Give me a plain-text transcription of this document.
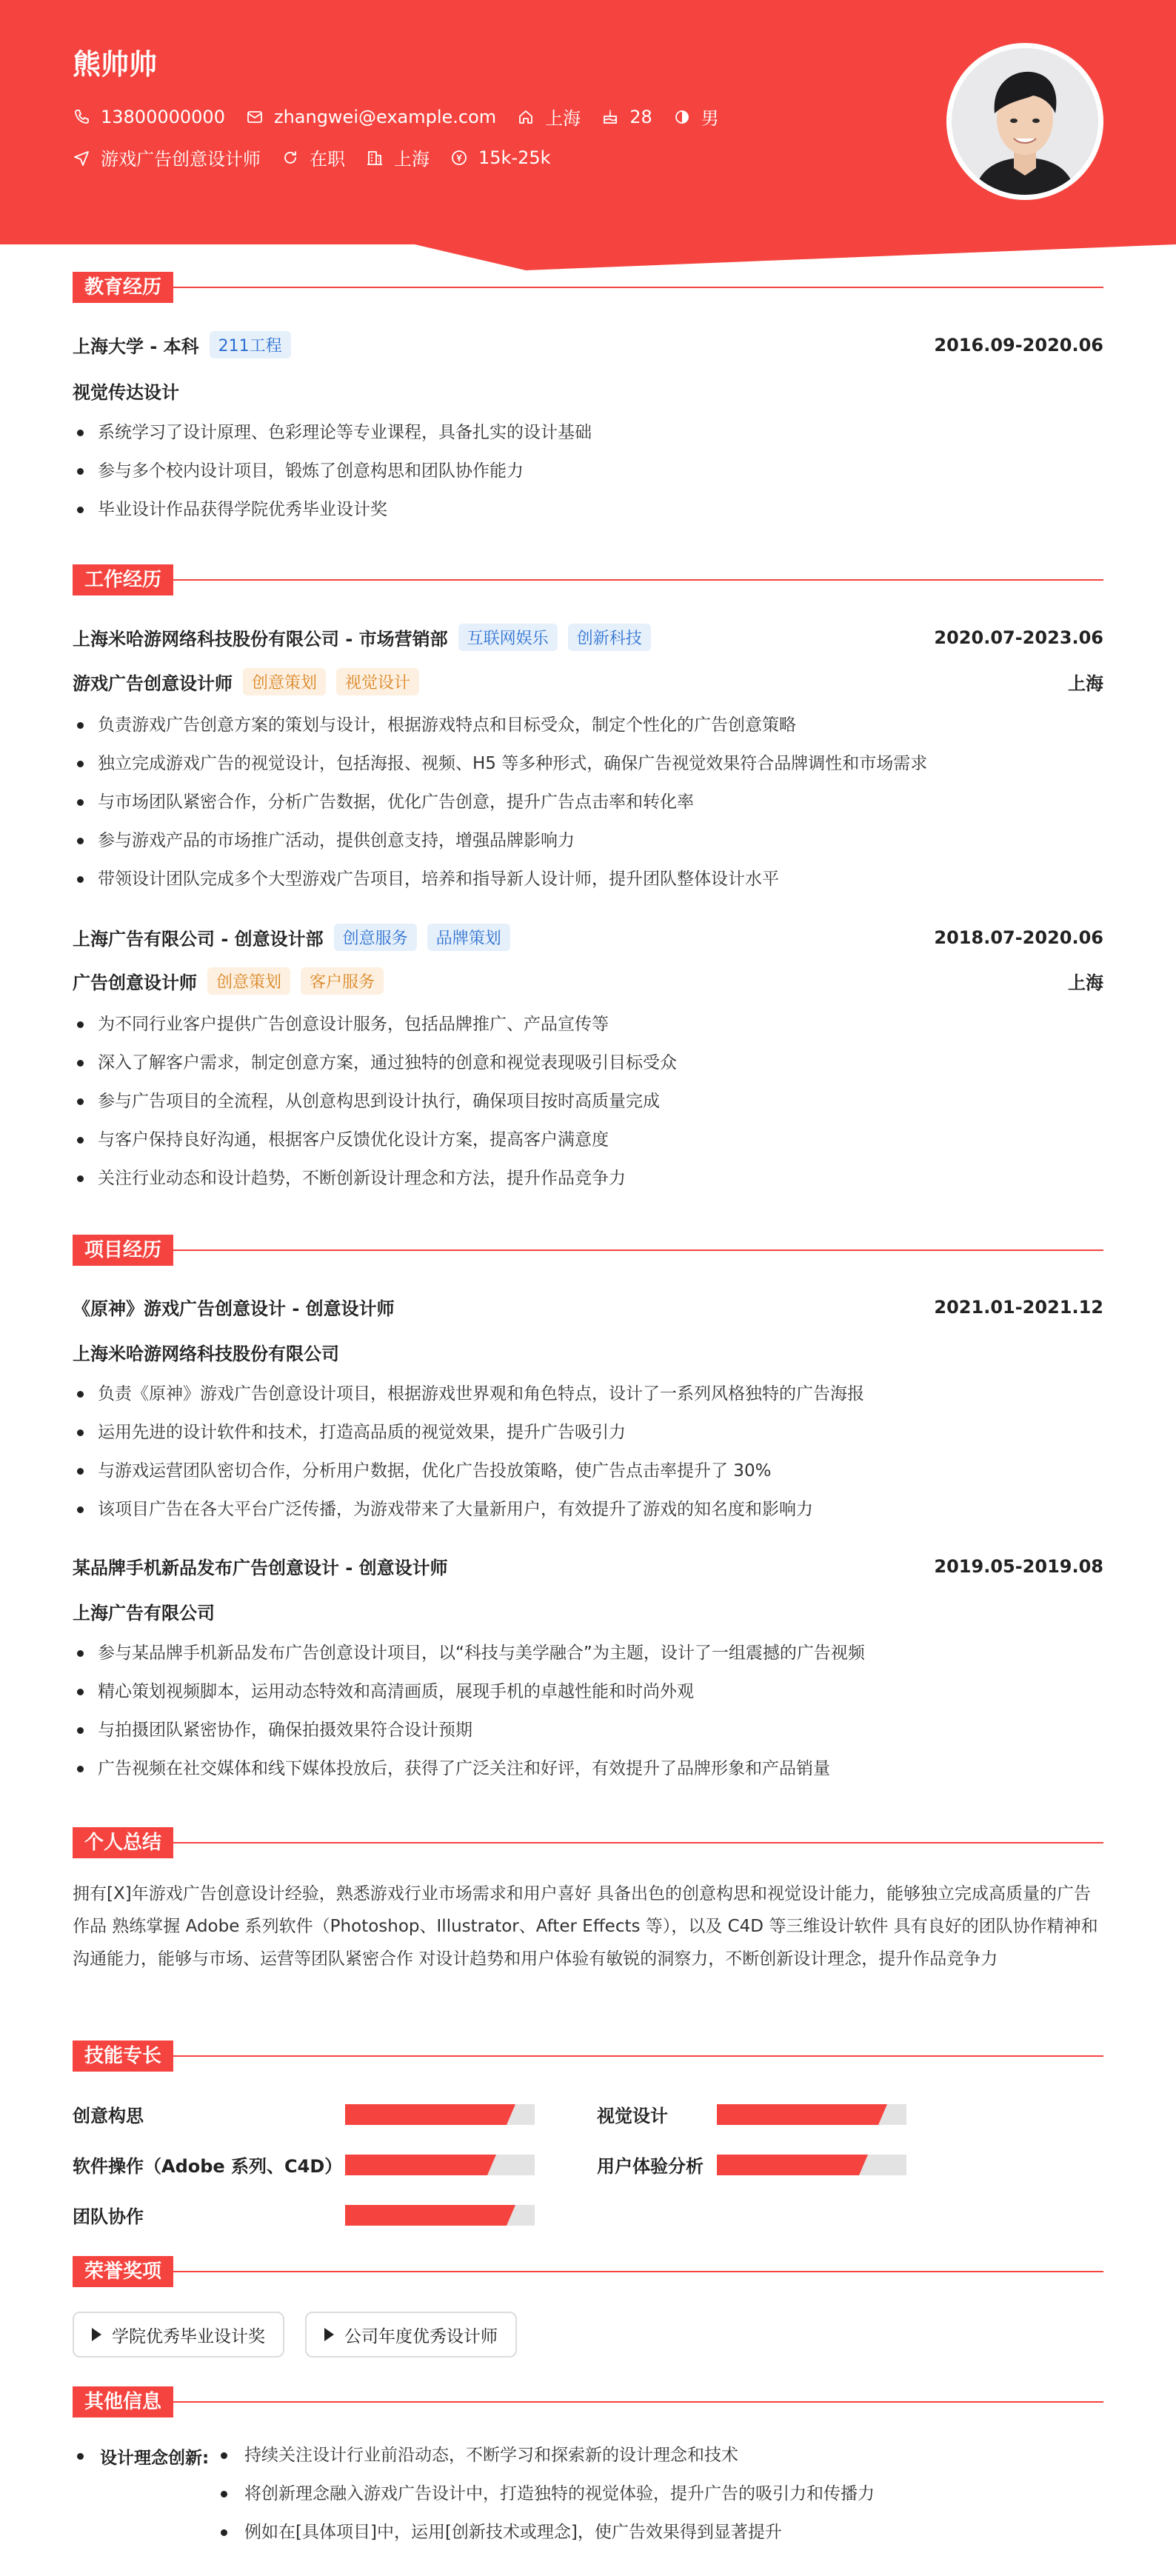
熊帅帅
13800000000	zhangwei@example.com	上海	28	男
游戏广告创意设计师	在职	上海	15k-25k
教育经历
上海大学 - 本科	211工程	2016.09-2020.06
视觉传达设计
系统学习了设计原理、色彩理论等专业课程，具备扎实的设计基础
参与多个校内设计项目，锻炼了创意构思和团队协作能力
毕业设计作品获得学院优秀毕业设计奖
工作经历
上海米哈游网络科技股份有限公司 - 市场营销部	互联网娱乐	创新科技	2020.07-2023.06
游戏广告创意设计师	创意策划	视觉设计	上海
负责游戏广告创意方案的策划与设计，根据游戏特点和目标受众，制定个性化的广告创意策略
独立完成游戏广告的视觉设计，包括海报、视频、H5 等多种形式，确保广告视觉效果符合品牌调性和市场需求
与市场团队紧密合作，分析广告数据，优化广告创意，提升广告点击率和转化率
参与游戏产品的市场推广活动，提供创意支持，增强品牌影响力
带领设计团队完成多个大型游戏广告项目，培养和指导新人设计师，提升团队整体设计水平
上海广告有限公司 - 创意设计部	创意服务	品牌策划	2018.07-2020.06
广告创意设计师	创意策划	客户服务	上海
为不同行业客户提供广告创意设计服务，包括品牌推广、产品宣传等
深入了解客户需求，制定创意方案，通过独特的创意和视觉表现吸引目标受众
参与广告项目的全流程，从创意构思到设计执行，确保项目按时高质量完成
与客户保持良好沟通，根据客户反馈优化设计方案，提高客户满意度
关注行业动态和设计趋势，不断创新设计理念和方法，提升作品竞争力
项目经历
《原神》游戏广告创意设计 - 创意设计师	2021.01-2021.12
上海米哈游网络科技股份有限公司
负责《原神》游戏广告创意设计项目，根据游戏世界观和角色特点，设计了一系列风格独特的广告海报
运用先进的设计软件和技术，打造高品质的视觉效果，提升广告吸引力
与游戏运营团队密切合作，分析用户数据，优化广告投放策略，使广告点击率提升了 30%
该项目广告在各大平台广泛传播，为游戏带来了大量新用户，有效提升了游戏的知名度和影响力
某品牌手机新品发布广告创意设计 - 创意设计师	2019.05-2019.08
上海广告有限公司
参与某品牌手机新品发布广告创意设计项目，以“科技与美学融合”为主题，设计了一组震撼的广告视频
精心策划视频脚本，运用动态特效和高清画质，展现手机的卓越性能和时尚外观
与拍摄团队紧密协作，确保拍摄效果符合设计预期
广告视频在社交媒体和线下媒体投放后，获得了广泛关注和好评，有效提升了品牌形象和产品销量
个人总结
拥有[X]年游戏广告创意设计经验，熟悉游戏行业市场需求和用户喜好 具备出色的创意构思和视觉设计能力，能够独立完成高质量的广告作品 熟练掌握 Adobe 系列软件（Photoshop、Illustrator、After Effects 等），以及 C4D 等三维设计软件 具有良好的团队协作精神和沟通能力，能够与市场、运营等团队紧密合作 对设计趋势和用户体验有敏锐的洞察力，不断创新设计理念，提升作品竞争力
技能专长
创意构思	视觉设计
软件操作（Adobe 系列、C4D）	用户体验分析
团队协作
荣誉奖项
学院优秀毕业设计奖	公司年度优秀设计师
其他信息
设计理念创新:	持续关注设计行业前沿动态，不断学习和探索新的设计理念和技术
将创新理念融入游戏广告设计中，打造独特的视觉体验，提升广告的吸引力和传播力
例如在[具体项目]中，运用[创新技术或理念]，使广告效果得到显著提升
